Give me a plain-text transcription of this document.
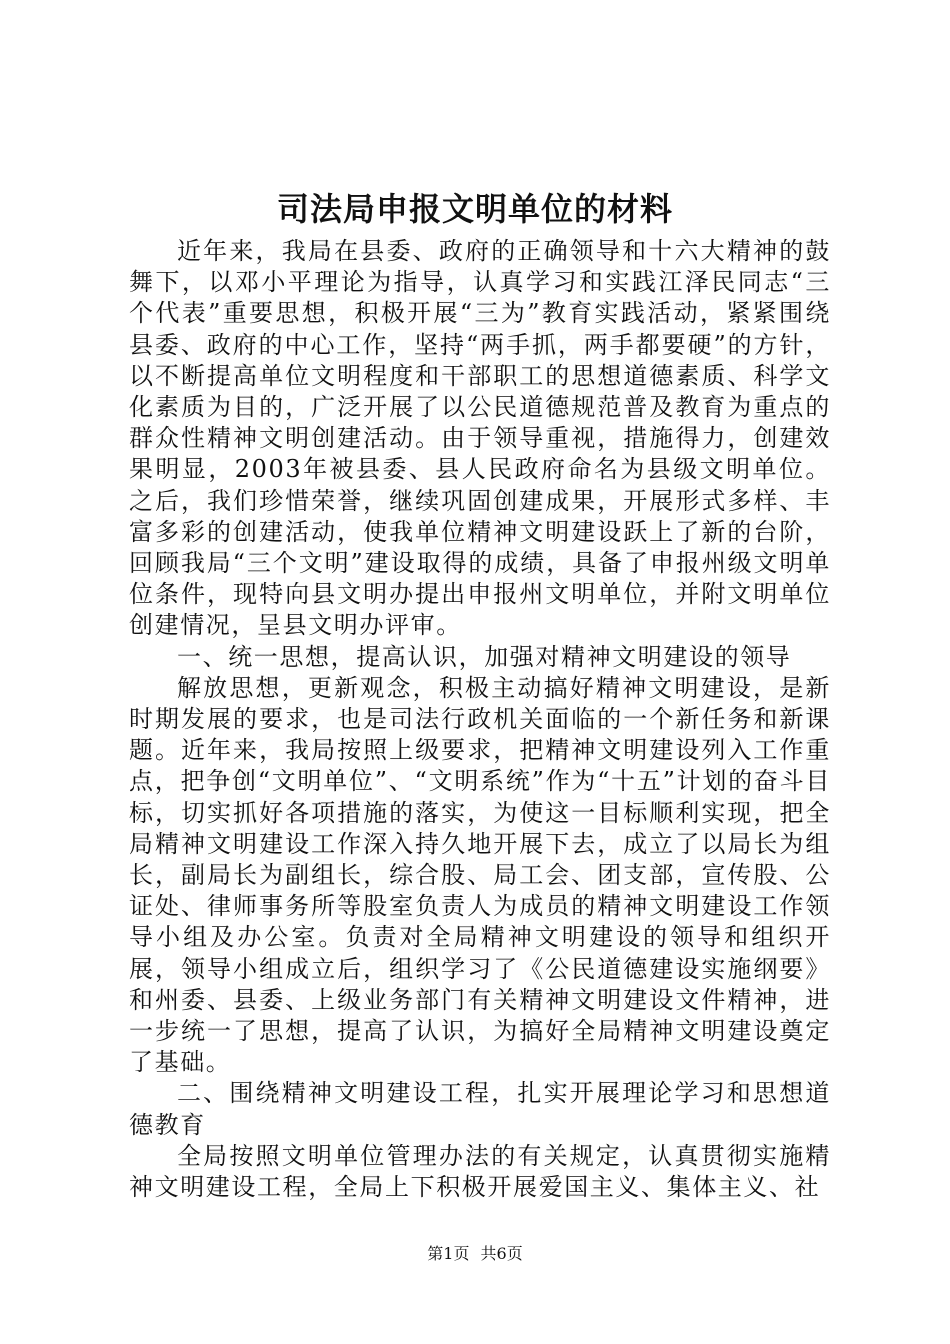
司法局申报文明单位的材料

近年来，我局在县委、政府的正确领导和十六大精神的鼓舞下，以邓小平理论为指导，认真学习和实践江泽民同志“三个代表”重要思想，积极开展“三为”教育实践活动，紧紧围绕县委、政府的中心工作，坚持“两手抓，两手都要硬”的方针，以不断提高单位文明程度和干部职工的思想道德素质、科学文化素质为目的，广泛开展了以公民道德规范普及教育为重点的群众性精神文明创建活动。由于领导重视，措施得力，创建效果明显，2003年被县委、县人民政府命名为县级文明单位。之后，我们珍惜荣誉，继续巩固创建成果，开展形式多样、丰富多彩的创建活动，使我单位精神文明建设跃上了新的台阶，回顾我局“三个文明”建设取得的成绩，具备了申报州级文明单位条件，现特向县文明办提出申报州文明单位，并附文明单位创建情况，呈县文明办评审。

一、统一思想，提高认识，加强对精神文明建设的领导

解放思想，更新观念，积极主动搞好精神文明建设，是新时期发展的要求，也是司法行政机关面临的一个新任务和新课题。近年来，我局按照上级要求，把精神文明建设列入工作重点，把争创“文明单位”、“文明系统”作为“十五”计划的奋斗目标，切实抓好各项措施的落实，为使这一目标顺利实现，把全局精神文明建设工作深入持久地开展下去，成立了以局长为组长，副局长为副组长，综合股、局工会、团支部，宣传股、公证处、律师事务所等股室负责人为成员的精神文明建设工作领导小组及办公室。负责对全局精神文明建设的领导和组织开展，领导小组成立后，组织学习了《公民道德建设实施纲要》和州委、县委、上级业务部门有关精神文明建设文件精神，进一步统一了思想，提高了认识，为搞好全局精神文明建设奠定了基础。

二、围绕精神文明建设工程，扎实开展理论学习和思想道德教育

全局按照文明单位管理办法的有关规定，认真贯彻实施精神文明建设工程，全局上下积极开展爱国主义、集体主义、社

第1页 共6页
